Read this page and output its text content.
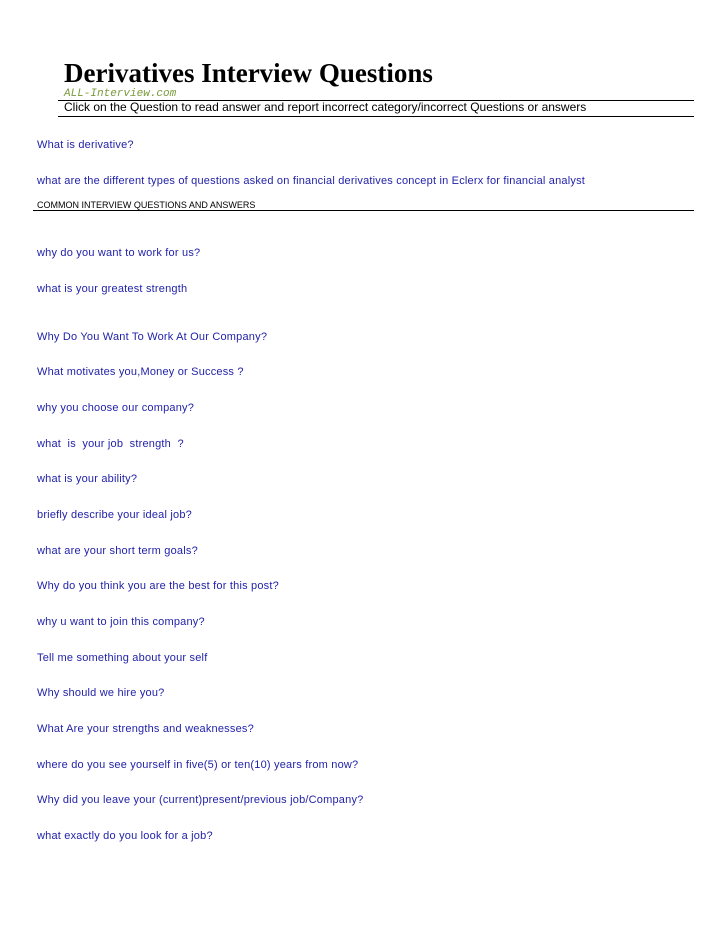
Derivatives Interview Questions
ALL-Interview.com
Click on the Question to read answer and report incorrect category/incorrect Questions or answers
What is derivative?
what are the different types of questions asked on financial derivatives concept in Eclerx for financial analyst
COMMON INTERVIEW QUESTIONS AND ANSWERS
why do you want to work for us?
what is your greatest strength
Why Do You Want To Work At Our Company?
What motivates you,Money or Success ?
why you choose our company?
what  is  your job  strength  ?
what is your ability?
briefly describe your ideal job?
what are your short term goals?
Why do you think you are the best for this post?
why u want to join this company?
Tell me something about your self
Why should we hire you?
What Are your strengths and weaknesses?
where do you see yourself in five(5) or ten(10) years from now?
Why did you leave your (current)present/previous job/Company?
what exactly do you look for a job?
